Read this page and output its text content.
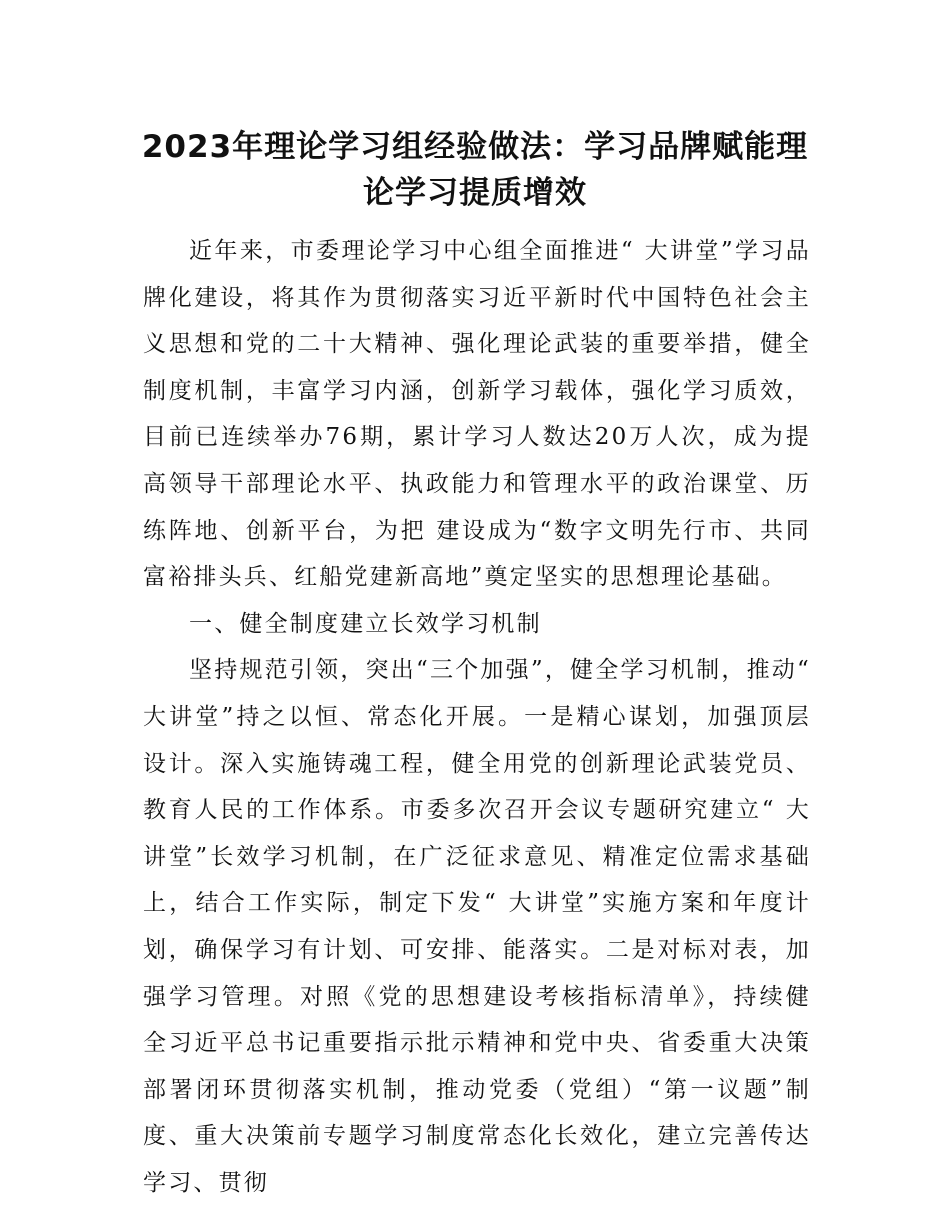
2023年理论学习组经验做法：学习品牌赋能理论学习提质增效

近年来，市委理论学习中心组全面推进“ 大讲堂”学习品牌化建设，将其作为贯彻落实习近平新时代中国特色社会主义思想和党的二十大精神、强化理论武装的重要举措，健全制度机制，丰富学习内涵，创新学习载体，强化学习质效，目前已连续举办76期，累计学习人数达20万人次，成为提高领导干部理论水平、执政能力和管理水平的政治课堂、历练阵地、创新平台，为把 建设成为“数字文明先行市、共同富裕排头兵、红船党建新高地”奠定坚实的思想理论基础。

一、健全制度建立长效学习机制

坚持规范引领，突出“三个加强”，健全学习机制，推动“ 大讲堂”持之以恒、常态化开展。一是精心谋划，加强顶层设计。深入实施铸魂工程，健全用党的创新理论武装党员、教育人民的工作体系。市委多次召开会议专题研究建立“ 大讲堂”长效学习机制，在广泛征求意见、精准定位需求基础上，结合工作实际，制定下发“ 大讲堂”实施方案和年度计划，确保学习有计划、可安排、能落实。二是对标对表，加强学习管理。对照《党的思想建设考核指标清单》，持续健全习近平总书记重要指示批示精神和党中央、省委重大决策部署闭环贯彻落实机制，推动党委（党组）“第一议题”制度、重大决策前专题学习制度常态化长效化，建立完善传达学习、贯彻
